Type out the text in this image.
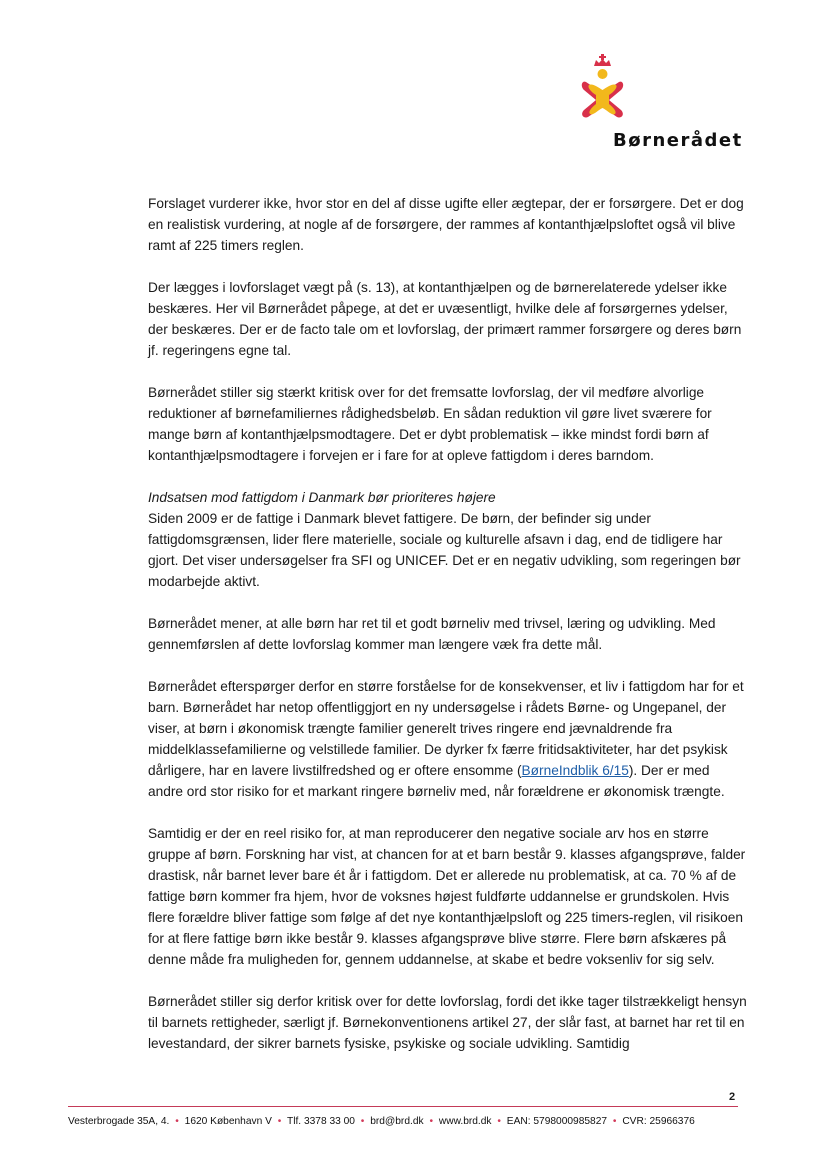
Børnerådet

Forslaget vurderer ikke, hvor stor en del af disse ugifte eller ægtepar, der er forsørgere. Det er dog en realistisk vurdering, at nogle af de forsørgere, der rammes af kontanthjælpsloftet også vil blive ramt af 225 timers reglen.

Der lægges i lovforslaget vægt på (s. 13), at kontanthjælpen og de børnerelaterede ydelser ikke beskæres. Her vil Børnerådet påpege, at det er uvæsentligt, hvilke dele af forsørgernes ydelser, der beskæres. Der er de facto tale om et lovforslag, der primært rammer forsørgere og deres børn jf. regeringens egne tal.

Børnerådet stiller sig stærkt kritisk over for det fremsatte lovforslag, der vil medføre alvorlige reduktioner af børnefamiliernes rådighedsbeløb. En sådan reduktion vil gøre livet sværere for mange børn af kontanthjælpsmodtagere. Det er dybt problematisk – ikke mindst fordi børn af kontanthjælpsmodtagere i forvejen er i fare for at opleve fattigdom i deres barndom.

Indsatsen mod fattigdom i Danmark bør prioriteres højere
Siden 2009 er de fattige i Danmark blevet fattigere. De børn, der befinder sig under fattigdomsgrænsen, lider flere materielle, sociale og kulturelle afsavn i dag, end de tidligere har gjort. Det viser undersøgelser fra SFI og UNICEF. Det er en negativ udvikling, som regeringen bør modarbejde aktivt.

Børnerådet mener, at alle børn har ret til et godt børneliv med trivsel, læring og udvikling. Med gennemførslen af dette lovforslag kommer man længere væk fra dette mål.

Børnerådet efterspørger derfor en større forståelse for de konsekvenser, et liv i fattigdom har for et barn. Børnerådet har netop offentliggjort en ny undersøgelse i rådets Børne- og Ungepanel, der viser, at børn i økonomisk trængte familier generelt trives ringere end jævnaldrende fra middelklassefamilierne og velstillede familier. De dyrker fx færre fritidsaktiviteter, har det psykisk dårligere, har en lavere livstilfredshed og er oftere ensomme (BørneIndblik 6/15). Der er med andre ord stor risiko for et markant ringere børneliv med, når forældrene er økonomisk trængte.

Samtidig er der en reel risiko for, at man reproducerer den negative sociale arv hos en større gruppe af børn. Forskning har vist, at chancen for at et barn består 9. klasses afgangsprøve, falder drastisk, når barnet lever bare ét år i fattigdom. Det er allerede nu problematisk, at ca. 70 % af de fattige børn kommer fra hjem, hvor de voksnes højest fuldførte uddannelse er grundskolen. Hvis flere forældre bliver fattige som følge af det nye kontanthjælpsloft og 225 timers-reglen, vil risikoen for at flere fattige børn ikke består 9. klasses afgangsprøve blive større. Flere børn afskæres på denne måde fra muligheden for, gennem uddannelse, at skabe et bedre voksenliv for sig selv.

Børnerådet stiller sig derfor kritisk over for dette lovforslag, fordi det ikke tager tilstrækkeligt hensyn til barnets rettigheder, særligt jf. Børnekonventionens artikel 27, der slår fast, at barnet har ret til en levestandard, der sikrer barnets fysiske, psykiske og sociale udvikling. Samtidig

2
Vesterbrogade 35A, 4. • 1620 København V • Tlf. 3378 33 00 • brd@brd.dk • www.brd.dk • EAN: 5798000985827 • CVR: 25966376
